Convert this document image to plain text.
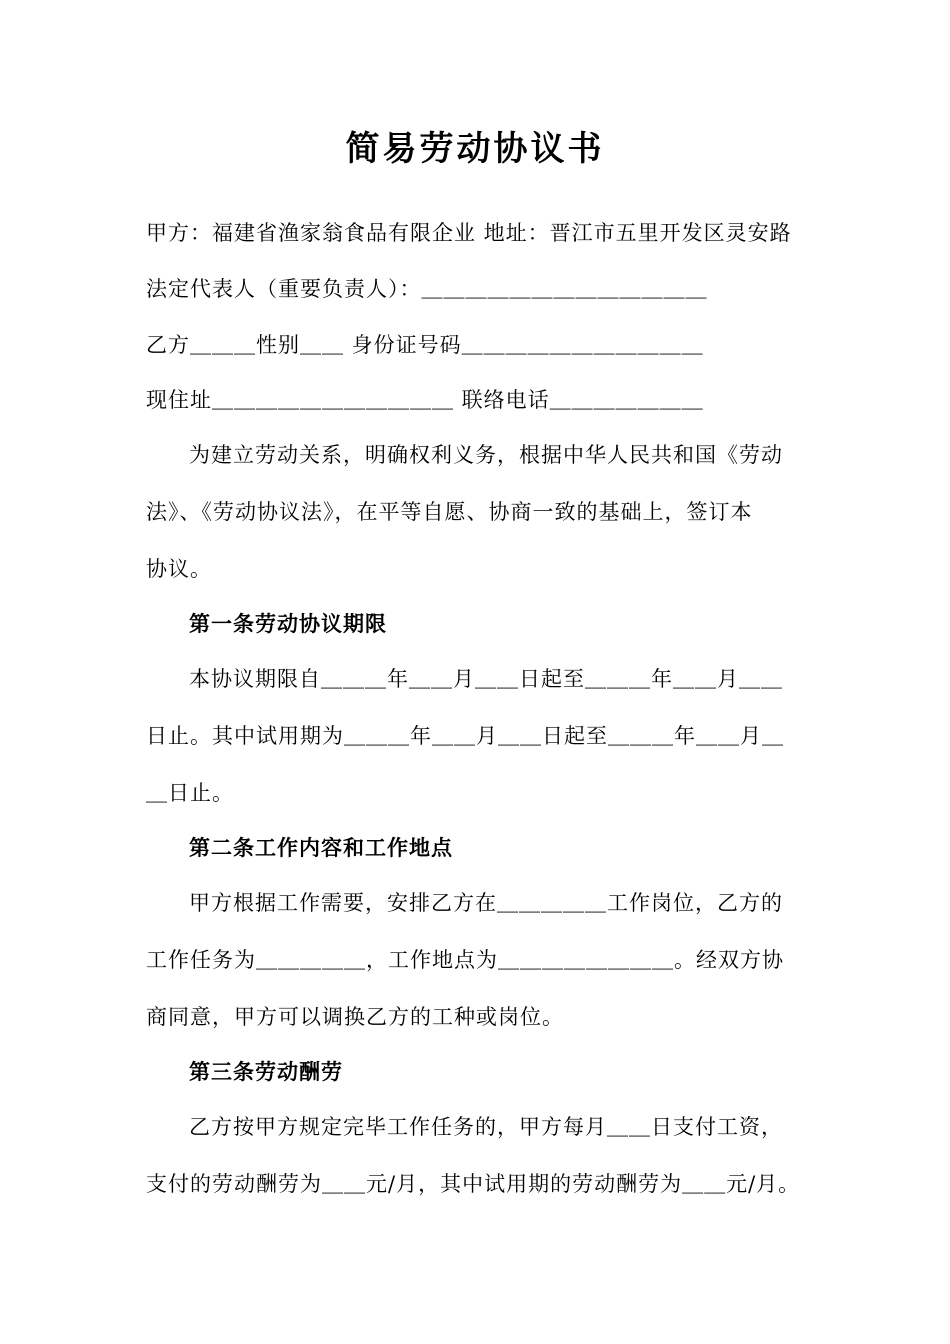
简易劳动协议书
甲方：福建省渔家翁食品有限企业 地址：晋江市五里开发区灵安路
法定代表人（重要负责人）：＿＿＿＿＿＿＿＿＿＿＿＿＿
乙方＿＿＿性别＿＿ 身份证号码＿＿＿＿＿＿＿＿＿＿＿
现住址＿＿＿＿＿＿＿＿＿＿＿ 联络电话＿＿＿＿＿＿＿
为建立劳动关系，明确权利义务，根据中华人民共和国《劳动
法》、《劳动协议法》，在平等自愿、协商一致的基础上，签订本
协议。
第一条劳动协议期限
本协议期限自＿＿＿年＿＿月＿＿日起至＿＿＿年＿＿月＿＿
日止。其中试用期为＿＿＿年＿＿月＿＿日起至＿＿＿年＿＿月＿
＿日止。
第二条工作内容和工作地点
甲方根据工作需要，安排乙方在＿＿＿＿＿工作岗位，乙方的
工作任务为＿＿＿＿＿，工作地点为＿＿＿＿＿＿＿＿。经双方协
商同意，甲方可以调换乙方的工种或岗位。
第三条劳动酬劳
乙方按甲方规定完毕工作任务的，甲方每月＿＿日支付工资，
支付的劳动酬劳为＿＿元/月，其中试用期的劳动酬劳为＿＿元/月。
